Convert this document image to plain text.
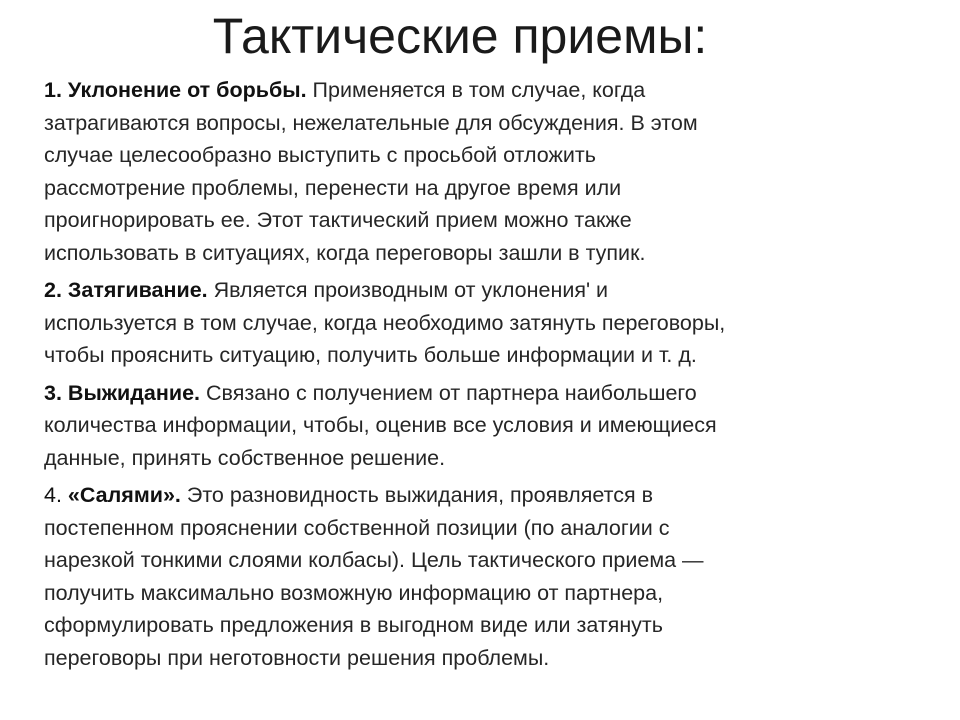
Тактические приемы:

1. Уклонение от борьбы. Применяется в том случае, когда
затрагиваются вопросы, нежелательные для обсуждения. В этом
случае целесообразно выступить с просьбой отложить
рассмотрение проблемы, перенести на другое время или
проигнорировать ее. Этот тактический прием можно также
использовать в ситуациях, когда переговоры зашли в тупик.

2. Затягивание. Является производным от уклонения' и
используется в том случае, когда необходимо затянуть переговоры,
чтобы прояснить ситуацию, получить больше информации и т. д.

3. Выжидание. Связано с получением от партнера наибольшего
количества информации, чтобы, оценив все условия и имеющиеся
данные, принять собственное решение.

4. «Салями». Это разновидность выжидания, проявляется в
постепенном прояснении собственной позиции (по аналогии с
нарезкой тонкими слоями колбасы). Цель тактического приема —
получить максимально возможную информацию от партнера,
сформулировать предложения в выгодном виде или затянуть
переговоры при неготовности решения проблемы.
